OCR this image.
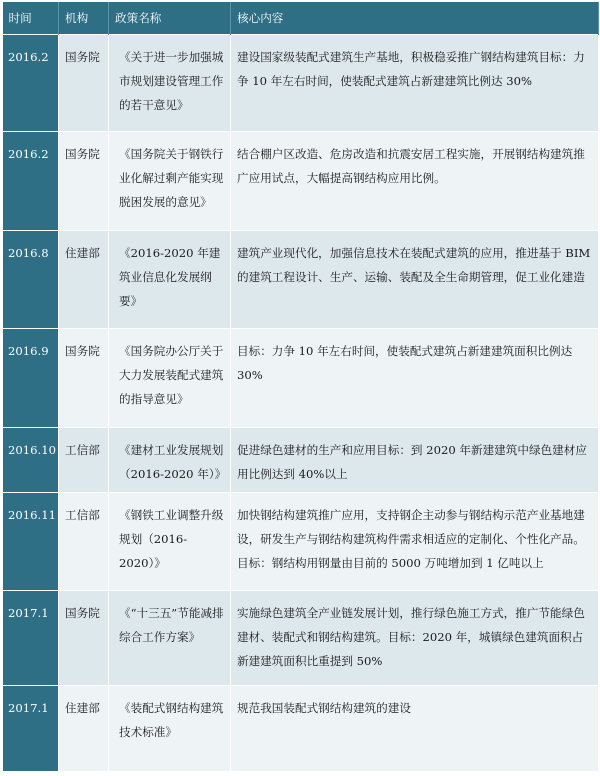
时间	机构	政策名称	核心内容
2016.2	国务院	《关于进一步加强城市规划建设管理工作的若干意见》	建设国家级装配式建筑生产基地，积极稳妥推广钢结构建筑目标：力争 10 年左右时间，使装配式建筑占新建建筑比例达 30%
2016.2	国务院	《国务院关于钢铁行业化解过剩产能实现脱困发展的意见》	结合棚户区改造、危房改造和抗震安居工程实施，开展钢结构建筑推广应用试点，大幅提高钢结构应用比例。
2016.8	住建部	《2016-2020 年建筑业信息化发展纲要》	建筑产业现代化，加强信息技术在装配式建筑的应用，推进基于 BIM 的建筑工程设计、生产、运输、装配及全生命期管理，促工业化建造
2016.9	国务院	《国务院办公厅关于大力发展装配式建筑的指导意见》	目标：力争 10 年左右时间，使装配式建筑占新建建筑面积比例达 30%
2016.10	工信部	《建材工业发展规划（2016-2020 年）》	促进绿色建材的生产和应用目标：到 2020 年新建建筑中绿色建材应用比例达到 40%以上
2016.11	工信部	《钢铁工业调整升级规划（2016-2020）》	加快钢结构建筑推广应用，支持钢企主动参与钢结构示范产业基地建设，研发生产与钢结构建筑构件需求相适应的定制化、个性化产品。目标：钢结构用钢量由目前的 5000 万吨增加到 1 亿吨以上
2017.1	国务院	《“十三五”节能减排综合工作方案》	实施绿色建筑全产业链发展计划，推行绿色施工方式，推广节能绿色建材、装配式和钢结构建筑。目标：2020 年，城镇绿色建筑面积占新建建筑面积比重提到 50%
2017.1	住建部	《装配式钢结构建筑技术标准》	规范我国装配式钢结构建筑的建设
